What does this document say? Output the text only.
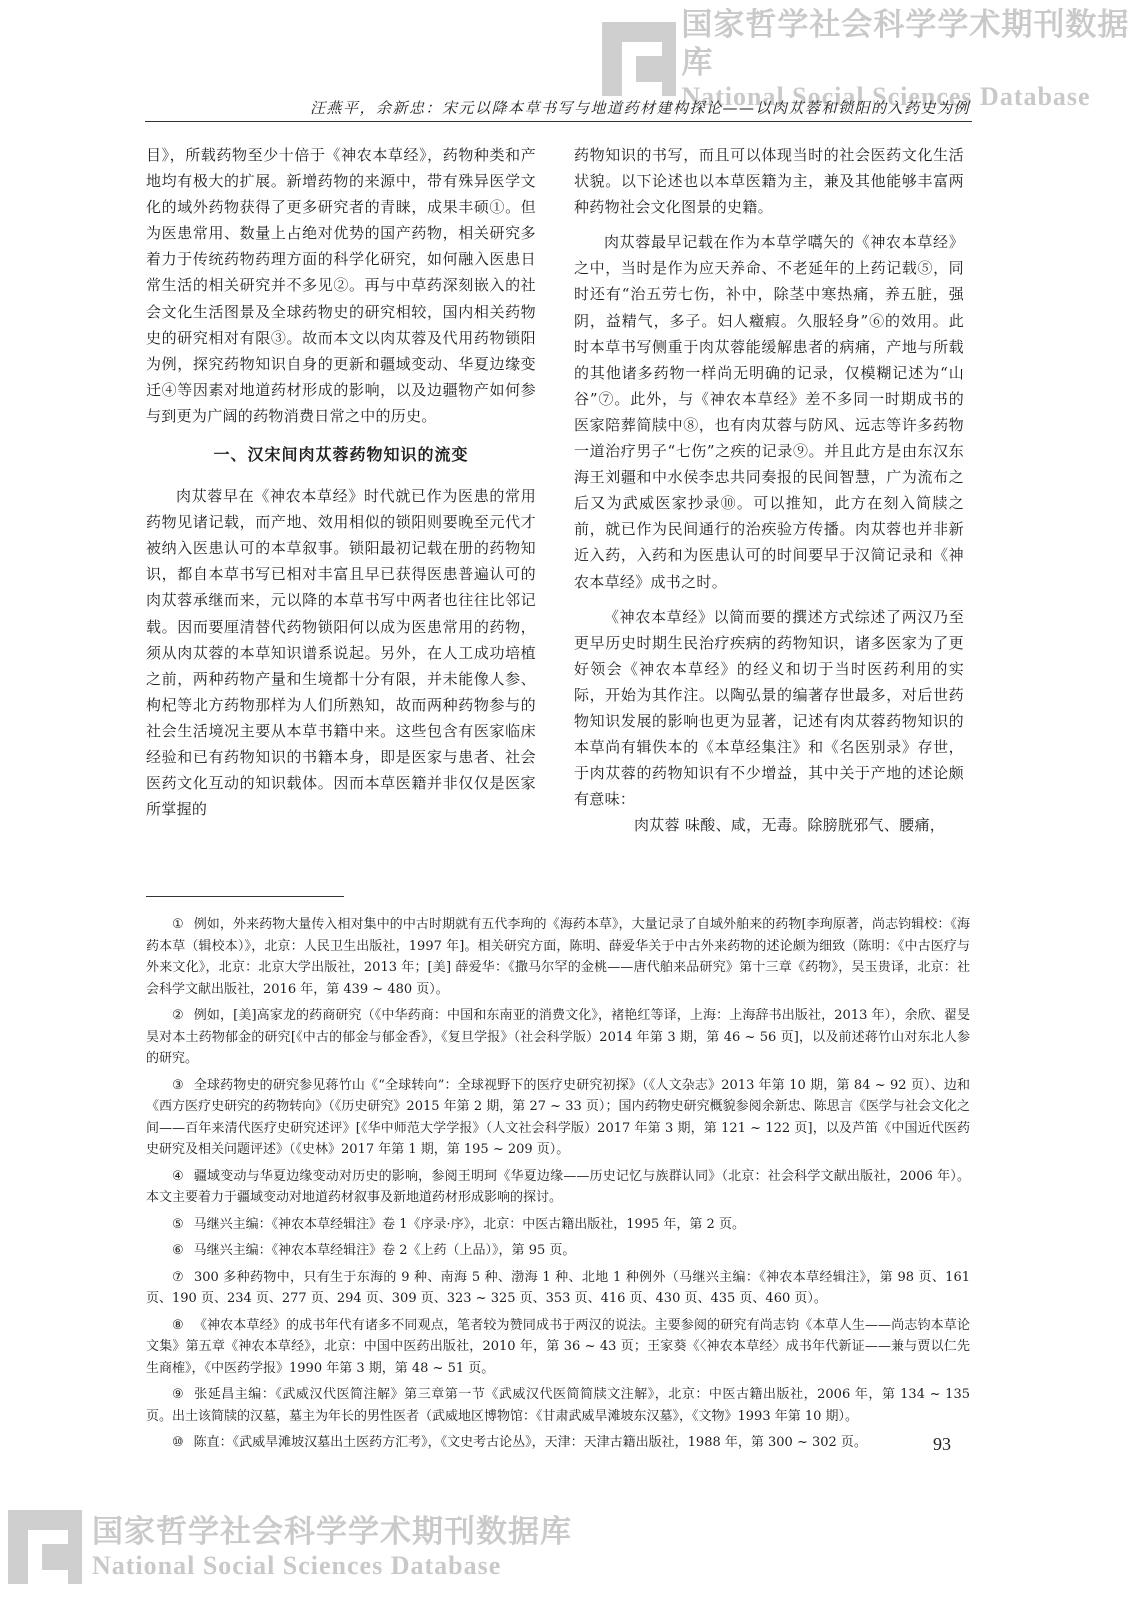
国家哲学社会科学学术期刊数据库
National Social Sciences Database
汪燕平，余新忠：宋元以降本草书写与地道药材建构探论——以肉苁蓉和锁阳的入药史为例

目》，所载药物至少十倍于《神农本草经》，药物种类和产地均有极大的扩展。新增药物的来源中，带有殊异医学文化的域外药物获得了更多研究者的青睐，成果丰硕①。但为医患常用、数量上占绝对优势的国产药物，相关研究多着力于传统药物药理方面的科学化研究，如何融入医患日常生活的相关研究并不多见②。再与中草药深刻嵌入的社会文化生活图景及全球药物史的研究相较，国内相关药物史的研究相对有限③。故而本文以肉苁蓉及代用药物锁阳为例，探究药物知识自身的更新和疆域变动、华夏边缘变迁④等因素对地道药材形成的影响，以及边疆物产如何参与到更为广阔的药物消费日常之中的历史。

一、汉宋间肉苁蓉药物知识的流变

肉苁蓉早在《神农本草经》时代就已作为医患的常用药物见诸记载，而产地、效用相似的锁阳则要晚至元代才被纳入医患认可的本草叙事。锁阳最初记载在册的药物知识，都自本草书写已相对丰富且早已获得医患普遍认可的肉苁蓉承继而来，元以降的本草书写中两者也往往比邻记载。因而要厘清替代药物锁阳何以成为医患常用的药物，须从肉苁蓉的本草知识谱系说起。另外，在人工成功培植之前，两种药物产量和生境都十分有限，并未能像人参、枸杞等北方药物那样为人们所熟知，故而两种药物参与的社会生活境况主要从本草书籍中来。这些包含有医家临床经验和已有药物知识的书籍本身，即是医家与患者、社会医药文化互动的知识载体。因而本草医籍并非仅仅是医家所掌握的

药物知识的书写，而且可以体现当时的社会医药文化生活状貌。以下论述也以本草医籍为主，兼及其他能够丰富两种药物社会文化图景的史籍。

肉苁蓉最早记载在作为本草学嚆矢的《神农本草经》之中，当时是作为应天养命、不老延年的上药记载⑤，同时还有“治五劳七伤，补中，除茎中寒热痛，养五脏，强阴，益精气，多子。妇人癥瘕。久服轻身”⑥的效用。此时本草书写侧重于肉苁蓉能缓解患者的病痛，产地与所载的其他诸多药物一样尚无明确的记录，仅模糊记述为“山谷”⑦。此外，与《神农本草经》差不多同一时期成书的医家陪葬简牍中⑧，也有肉苁蓉与防风、远志等许多药物一道治疗男子“七伤”之疾的记录⑨。并且此方是由东汉东海王刘疆和中水侯李忠共同奏报的民间智慧，广为流布之后又为武威医家抄录⑩。可以推知，此方在刻入简牍之前，就已作为民间通行的治疾验方传播。肉苁蓉也并非新近入药，入药和为医患认可的时间要早于汉简记录和《神农本草经》成书之时。

《神农本草经》以简而要的撰述方式综述了两汉乃至更早历史时期生民治疗疾病的药物知识，诸多医家为了更好领会《神农本草经》的经义和切于当时医药利用的实际，开始为其作注。以陶弘景的编著存世最多，对后世药物知识发展的影响也更为显著，记述有肉苁蓉药物知识的本草尚有辑佚本的《本草经集注》和《名医别录》存世，于肉苁蓉的药物知识有不少增益，其中关于产地的述论颇有意味：

肉苁蓉 味酸、咸，无毒。除膀胱邪气、腰痛，

① 例如，外来药物大量传入相对集中的中古时期就有五代李珣的《海药本草》，大量记录了自域外舶来的药物[李珣原著，尚志钧辑校：《海药本草（辑校本）》，北京：人民卫生出版社，1997 年]。相关研究方面，陈明、薛爱华关于中古外来药物的述论颇为细致（陈明：《中古医疗与外来文化》，北京：北京大学出版社，2013 年；[美] 薛爱华：《撒马尔罕的金桃——唐代舶来品研究》第十三章《药物》，吴玉贵译，北京：社会科学文献出版社，2016 年，第 439 ~ 480 页）。

② 例如，[美]高家龙的药商研究（《中华药商：中国和东南亚的消费文化》，褚艳红等译，上海：上海辞书出版社，2013 年），余欣、翟旻昊对本土药物郁金的研究[《中古的郁金与郁金香》，《复旦学报》（社会科学版）2014 年第 3 期，第 46 ~ 56 页]，以及前述蒋竹山对东北人参的研究。

③ 全球药物史的研究参见蒋竹山《“全球转向”：全球视野下的医疗史研究初探》（《人文杂志》2013 年第 10 期，第 84 ~ 92 页）、边和《西方医疗史研究的药物转向》（《历史研究》2015 年第 2 期，第 27 ~ 33 页）；国内药物史研究概貌参阅余新忠、陈思言《医学与社会文化之间——百年来清代医疗史研究述评》[《华中师范大学学报》（人文社会科学版）2017 年第 3 期，第 121 ~ 122 页]，以及芦笛《中国近代医药史研究及相关问题评述》（《史林》2017 年第 1 期，第 195 ~ 209 页）。

④ 疆域变动与华夏边缘变动对历史的影响，参阅王明珂《华夏边缘——历史记忆与族群认同》（北京：社会科学文献出版社，2006 年）。本文主要着力于疆域变动对地道药材叙事及新地道药材形成影响的探讨。

⑤ 马继兴主编：《神农本草经辑注》卷 1《序录·序》，北京：中医古籍出版社，1995 年，第 2 页。

⑥ 马继兴主编：《神农本草经辑注》卷 2《上药（上品）》，第 95 页。

⑦ 300 多种药物中，只有生于东海的 9 种、南海 5 种、渤海 1 种、北地 1 种例外（马继兴主编：《神农本草经辑注》，第 98 页、161 页、190 页、234 页、277 页、294 页、309 页、323 ~ 325 页、353 页、416 页、430 页、435 页、460 页）。

⑧ 《神农本草经》的成书年代有诸多不同观点，笔者较为赞同成书于两汉的说法。主要参阅的研究有尚志钧《本草人生——尚志钧本草论文集》第五章《神农本草经》，北京：中国中医药出版社，2010 年，第 36 ~ 43 页；王家葵《〈神农本草经〉成书年代新证——兼与贾以仁先生商榷》，《中医药学报》1990 年第 3 期，第 48 ~ 51 页。

⑨ 张延昌主编：《武威汉代医简注解》第三章第一节《武威汉代医简简牍文注解》，北京：中医古籍出版社，2006 年，第 134 ~ 135 页。出土该简牍的汉墓，墓主为年长的男性医者（武威地区博物馆：《甘肃武威旱滩坡东汉墓》，《文物》1993 年第 10 期）。

⑩ 陈直：《武威旱滩坡汉墓出土医药方汇考》，《文史考古论丛》，天津：天津古籍出版社，1988 年，第 300 ~ 302 页。	93
国家哲学社会科学学术期刊数据库
National Social Sciences Database
